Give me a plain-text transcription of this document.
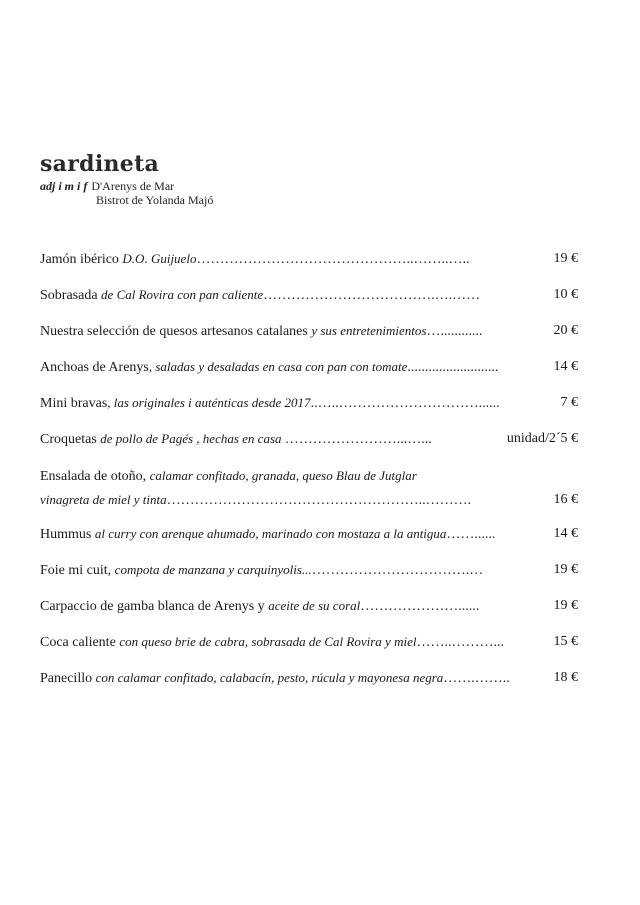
sardineta
adj i m i f D'Arenys de Mar
Bistrot de Yolanda Majó
Jamón ibérico D.O. Guijuelo………………………………………..……..…..	19 €
Sobrasada de Cal Rovira con pan caliente……………………………….….……	10 €
Nuestra selección de quesos artesanos catalanes y sus entretenimientos…............	20 €
Anchoas de Arenys, saladas y desaladas en casa con pan con tomate..........................	14 €
Mini bravas, las originales i auténticas desde 2017..…..…………………………......	7 €
Croquetas de pollo de Pagés , hechas en casa ……………………...…...	unidad/2´5 €
Ensalada de otoño, calamar confitado, granada, queso Blau de Jutglar
vinagreta de miel y tinta………………………………………………..……….	16 €
Hummus al curry con arenque ahumado, marinado con mostaza a la antigua……......	14 €
Foie mi cuit, compota de manzana y carquinyolis...…………………………….…	19 €
Carpaccio de gamba blanca de Arenys y aceite de su coral…………………......	19 €
Coca caliente con queso brie de cabra, sobrasada de Cal Rovira y miel……..………...	15 €
Panecillo con calamar confitado, calabacín, pesto, rúcula y mayonesa negra…….……..	18 €
